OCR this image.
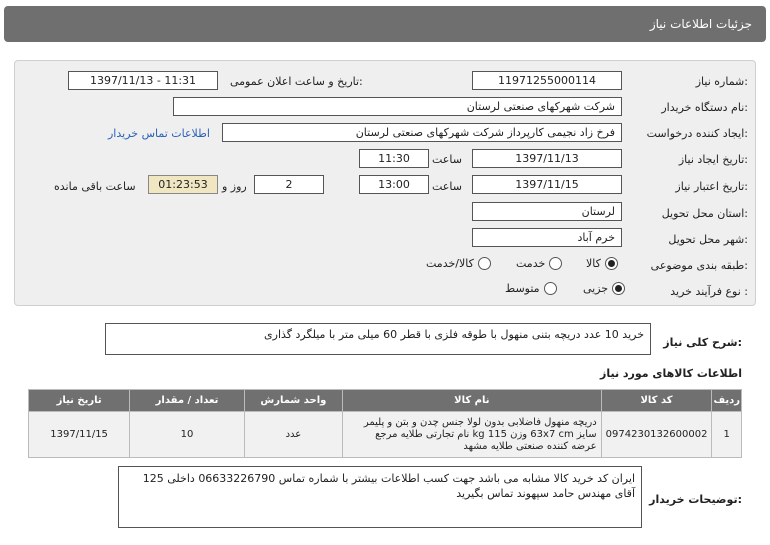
جزئیات اطلاعات نیاز
شماره نیاز:
11971255000114
تاریخ و ساعت اعلان عمومی:
1397/11/13 - 11:31
نام دستگاه خریدار:
شرکت شهرکهای صنعتی لرستان
ایجاد کننده درخواست:
فرخ زاد نجیمی کارپرداز شرکت شهرکهای صنعتی لرستان
اطلاعات تماس خریدار
تاریخ ایجاد نیاز:
1397/11/13
ساعت
11:30
تاریخ اعتبار نیاز:
1397/11/15
ساعت
13:00
2
روز و
01:23:53
ساعت باقی مانده
استان محل تحویل:
لرستان
شهر محل تحویل:
خرم آباد
طبقه بندی موضوعی:
کالا
خدمت
کالا/خدمت
نوع فرآیند خرید :
جزیی
متوسط
شرح کلی نیاز:
خرید 10 عدد دریچه بتنی منهول با طوقه فلزی با قطر 60 میلی متر با میلگرد گذاری
اطلاعات کالاهای مورد نیاز
ردیف	کد کالا	نام کالا	واحد شمارش	تعداد / مقدار	تاریخ نیاز
1	0974230132600002	دریچه منهول فاضلابی بدون لولا جنس چدن و بتن و پلیمر سایز 63x7 cm وزن 115 kg نام تجارتی طلایه مرجع عرضه کننده صنعتی طلایه مشهد	عدد	10	1397/11/15
توضیحات خریدار:
ایران کد خرید کالا مشابه می باشد جهت کسب اطلاعات بیشتر با شماره تماس 06633226790 داخلی 125 آقای مهندس حامد سپهوند تماس بگیرید
